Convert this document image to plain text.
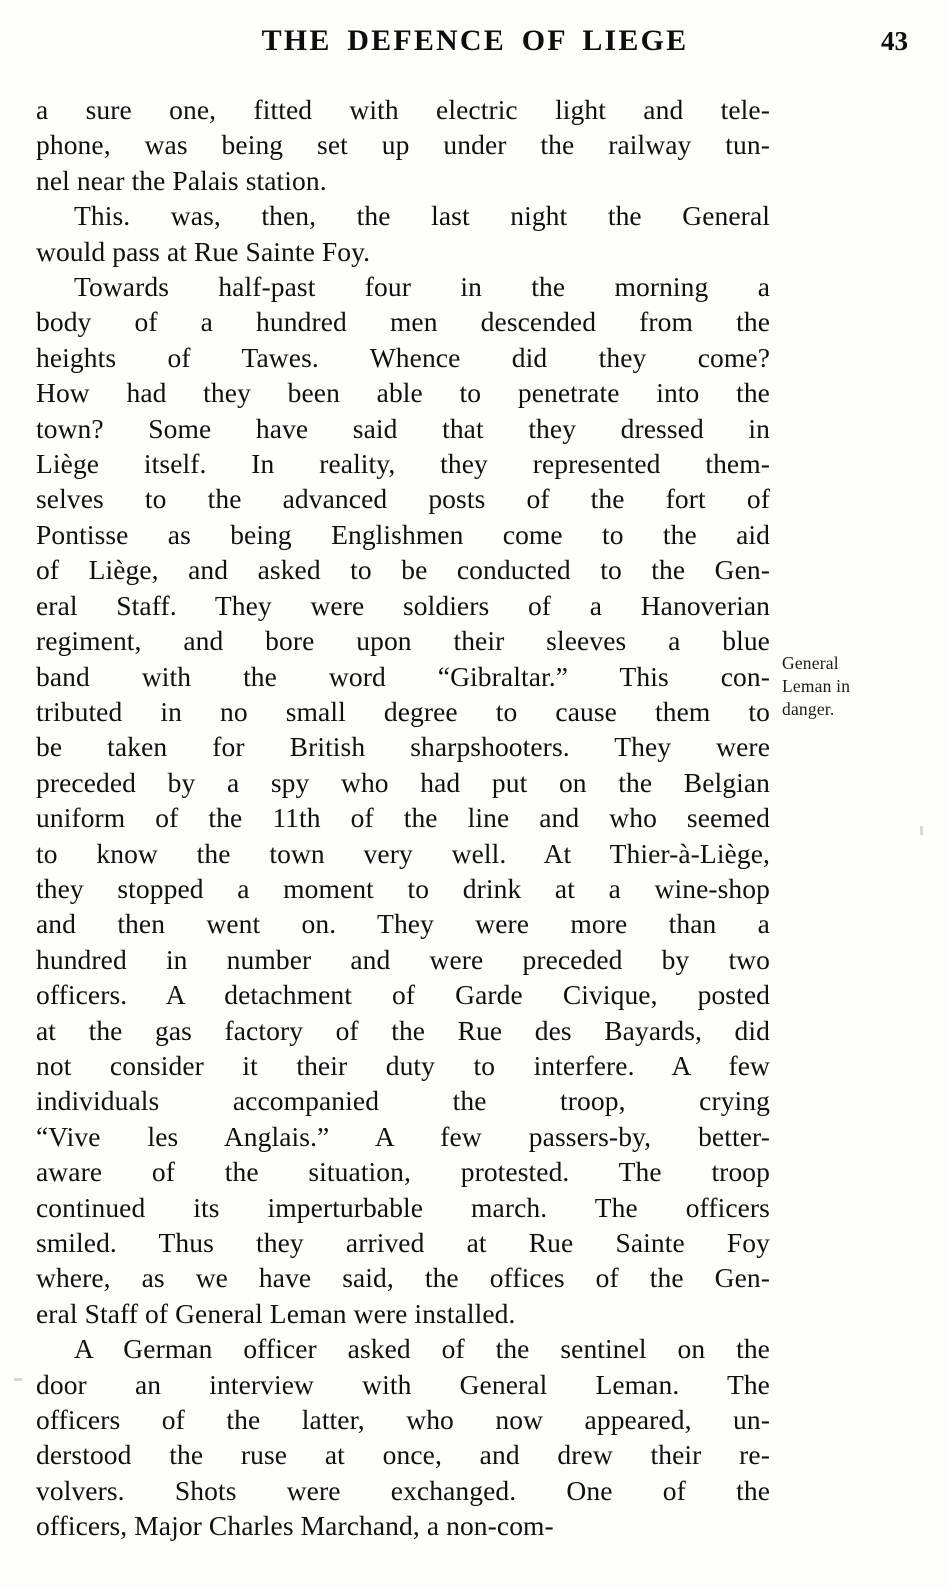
THE DEFENCE OF LIEGE	43

a sure one, fitted with electric light and tele-
phone, was being set up under the railway tun-
nel near the Palais station.

This. was, then, the last night the General
would pass at Rue Sainte Foy.

Towards half-past four in the morning a
body of a hundred men descended from the
heights of Tawes. Whence did they come?
How had they been able to penetrate into the
town? Some have said that they dressed in
Liège itself. In reality, they represented them-
selves to the advanced posts of the fort of
Pontisse as being Englishmen come to the aid
of Liège, and asked to be conducted to the Gen-
eral Staff. They were soldiers of a Hanoverian
regiment, and bore upon their sleeves a blue
band with the word “Gibraltar.” This con-
tributed in no small degree to cause them to
be taken for British sharpshooters. They were
preceded by a spy who had put on the Belgian
uniform of the 11th of the line and who seemed
to know the town very well. At Thier-à-Liège,
they stopped a moment to drink at a wine-shop
and then went on. They were more than a
hundred in number and were preceded by two
officers. A detachment of Garde Civique, posted
at the gas factory of the Rue des Bayards, did
not consider it their duty to interfere. A few
individuals accompanied the troop, crying
“Vive les Anglais.” A few passers-by, better-
aware of the situation, protested. The troop
continued its imperturbable march. The officers
smiled. Thus they arrived at Rue Sainte Foy
where, as we have said, the offices of the Gen-
eral Staff of General Leman were installed.

A German officer asked of the sentinel on the
door an interview with General Leman. The
officers of the latter, who now appeared, un-
derstood the ruse at once, and drew their re-
volvers. Shots were exchanged. One of the
officers, Major Charles Marchand, a non-com-

General
Leman in
danger.
